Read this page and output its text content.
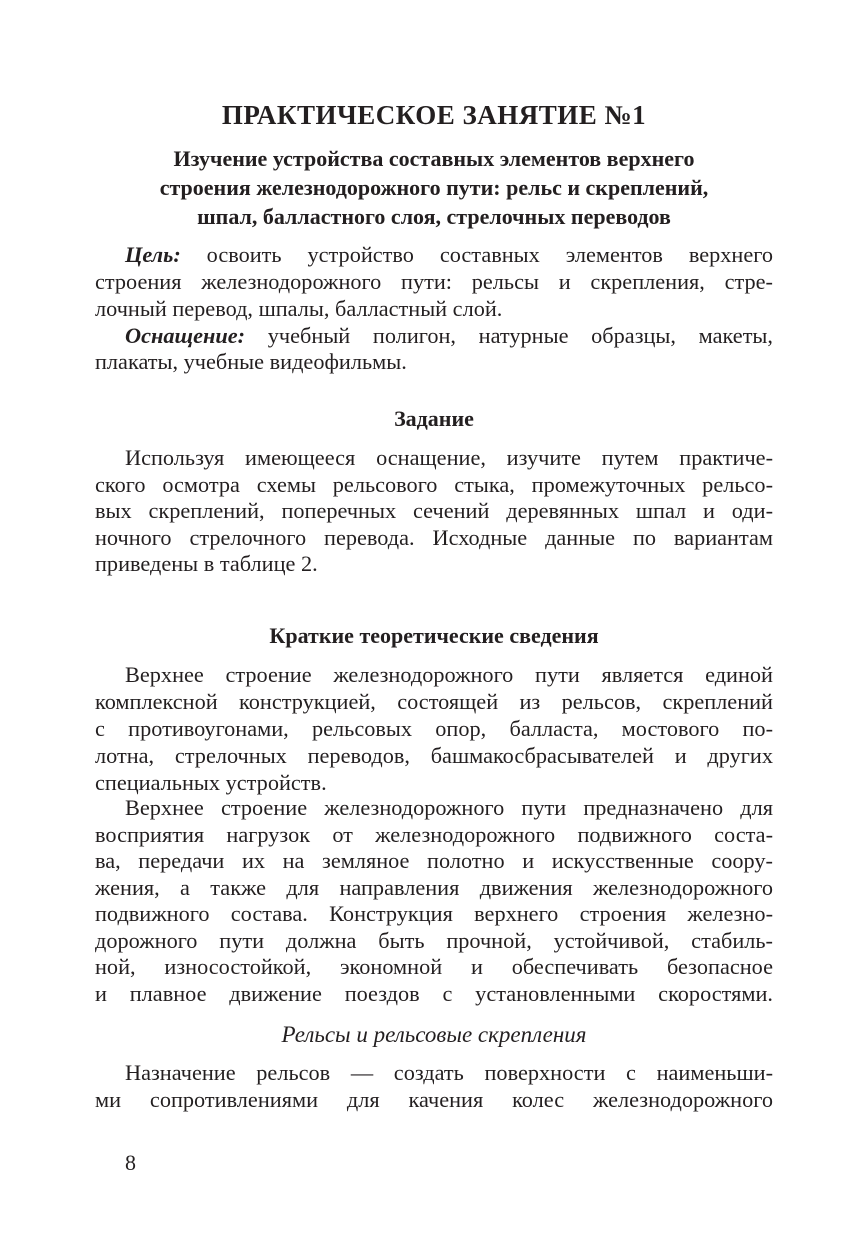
ПРАКТИЧЕСКОЕ ЗАНЯТИЕ №1
Изучение устройства составных элементов верхнего
строения железнодорожного пути: рельс и скреплений,
шпал, балластного слоя, стрелочных переводов
Цель: освоить устройство составных элементов верхнего
строения железнодорожного пути: рельсы и скрепления, стре-
лочный перевод, шпалы, балластный слой.
Оснащение: учебный полигон, натурные образцы, макеты,
плакаты, учебные видеофильмы.
Задание
Используя имеющееся оснащение, изучите путем практиче-
ского осмотра схемы рельсового стыка, промежуточных рельсо-
вых скреплений, поперечных сечений деревянных шпал и оди-
ночного стрелочного перевода. Исходные данные по вариантам
приведены в таблице 2.
Краткие теоретические сведения
Верхнее строение железнодорожного пути является единой
комплексной конструкцией, состоящей из рельсов, скреплений
с противоугонами, рельсовых опор, балласта, мостового по-
лотна, стрелочных переводов, башмакосбрасывателей и других
специальных устройств.
Верхнее строение железнодорожного пути предназначено для
восприятия нагрузок от железнодорожного подвижного соста-
ва, передачи их на земляное полотно и искусственные соору-
жения, а также для направления движения железнодорожного
подвижного состава. Конструкция верхнего строения железно-
дорожного пути должна быть прочной, устойчивой, стабиль-
ной, износостойкой, экономной и обеспечивать безопасное
и плавное движение поездов с установленными скоростями.
Рельсы и рельсовые скрепления
Назначение рельсов — создать поверхности с наименьши-
ми сопротивлениями для качения колес железнодорожного
8
